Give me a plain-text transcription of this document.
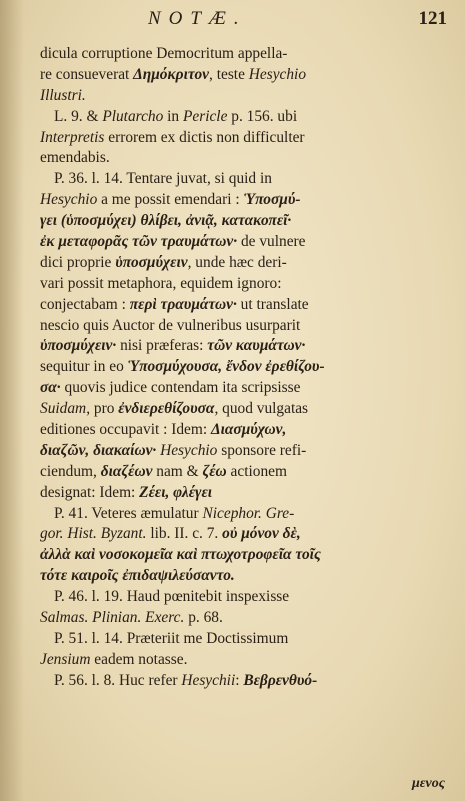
NOTÆ.	121
dicula corruptione Democritum appella-
re consueverat Δημόκριτον, teste Hesychio
Illustri.
L. 9. & Plutarcho in Pericle p. 156. ubi
Interpretis errorem ex dictis non difficulter
emendabis.
P. 36. l. 14. Tentare juvat, si quid in
Hesychio a me possit emendari : Ὑποσμύ-
γει (ὑποσμύχει) θλίβει, ἀνιᾷ, κατακοπεῖ·
ἐκ μεταφορᾶς τῶν τραυμάτων· de vulnere
dici proprie ὑποσμύχειν, unde hæc deri-
vari possit metaphora, equidem ignoro:
conjectabam : περὶ τραυμάτων· ut translate
nescio quis Auctor de vulneribus usurparit
ὑποσμύχειν· nisi præferas: τῶν καυμάτων·
sequitur in eo Ὑποσμύχουσα, ἔνδον ἐρεθίζου-
σα· quovis judice contendam ita scripsisse
Suidam, pro ἐνδιερεθίζουσα, quod vulgatas
editiones occupavit : Idem: Διασμύχων,
διαζῶν, διακαίων· Hesychio sponsore refi-
ciendum, διαζέων nam & ζέω actionem
designat: Idem: Ζέει, φλέγει
P. 41. Veteres æmulatur Nicephor. Gre-
gor. Hist. Byzant. lib. II. c. 7. οὐ μόνον δὲ,
ἀλλὰ καὶ νοσοκομεῖα καὶ πτωχοτροφεῖα τοῖς
τότε καιροῖς ἐπιδαψιλεύσαντο.
P. 46. l. 19. Haud pœnitebit inspexisse
Salmas. Plinian. Exerc. p. 68.
P. 51. l. 14. Præteriit me Doctissimum
Jensium eadem notasse.
P. 56. l. 8. Huc refer Hesychii: Βεβρενθυό-
μενος
